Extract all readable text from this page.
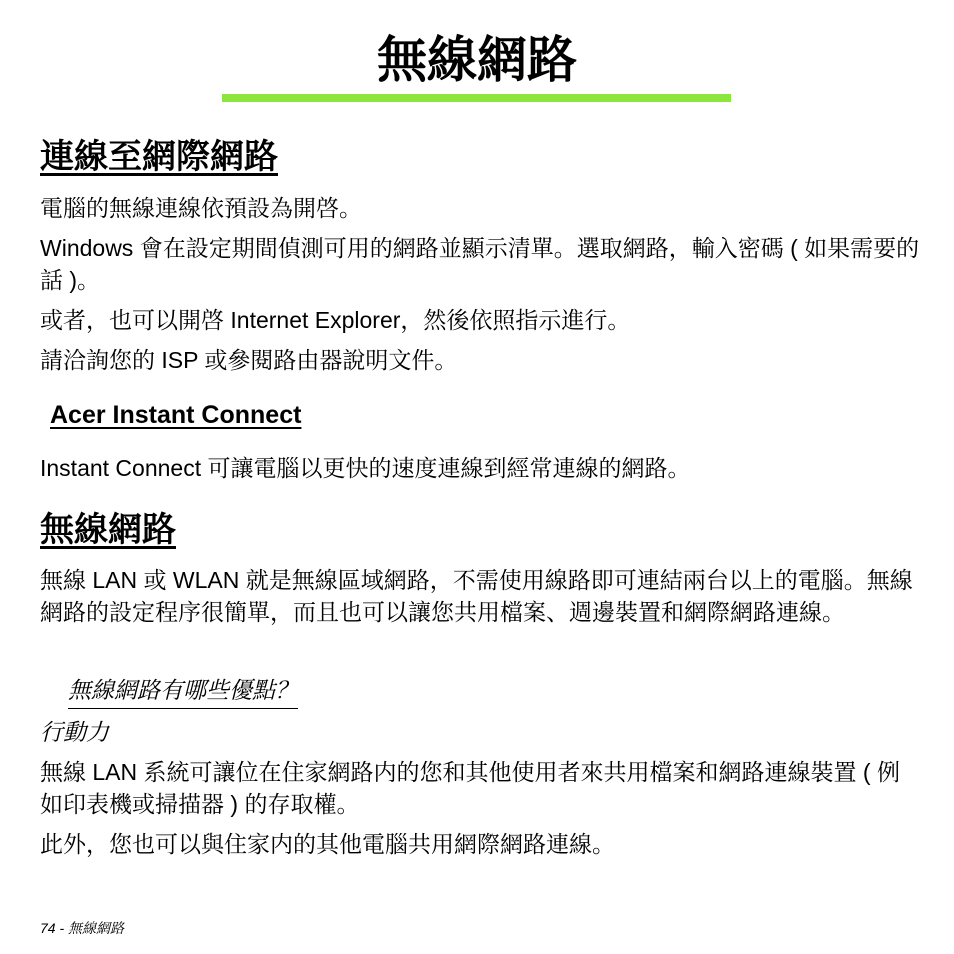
無線網路
連線至網際網路
電腦的無線連線依預設為開啓。
Windows 會在設定期間偵測可用的網路並顯示清單。選取網路，輸入密碼 ( 如果需要的話 )。
或者，也可以開啓 Internet Explorer，然後依照指示進行。
請洽詢您的 ISP 或參閱路由器說明文件。
Acer Instant Connect
Instant Connect 可讓電腦以更快的速度連線到經常連線的網路。
無線網路
無線 LAN 或 WLAN 就是無線區域網路，不需使用線路即可連結兩台以上的電腦。無線網路的設定程序很簡單，而且也可以讓您共用檔案、週邊裝置和網際網路連線。
無線網路有哪些優點？
行動力
無線 LAN 系統可讓位在住家網路内的您和其他使用者來共用檔案和網路連線裝置 ( 例如印表機或掃描器 ) 的存取權。
此外，您也可以與住家内的其他電腦共用網際網路連線。
74 - 無線網路
